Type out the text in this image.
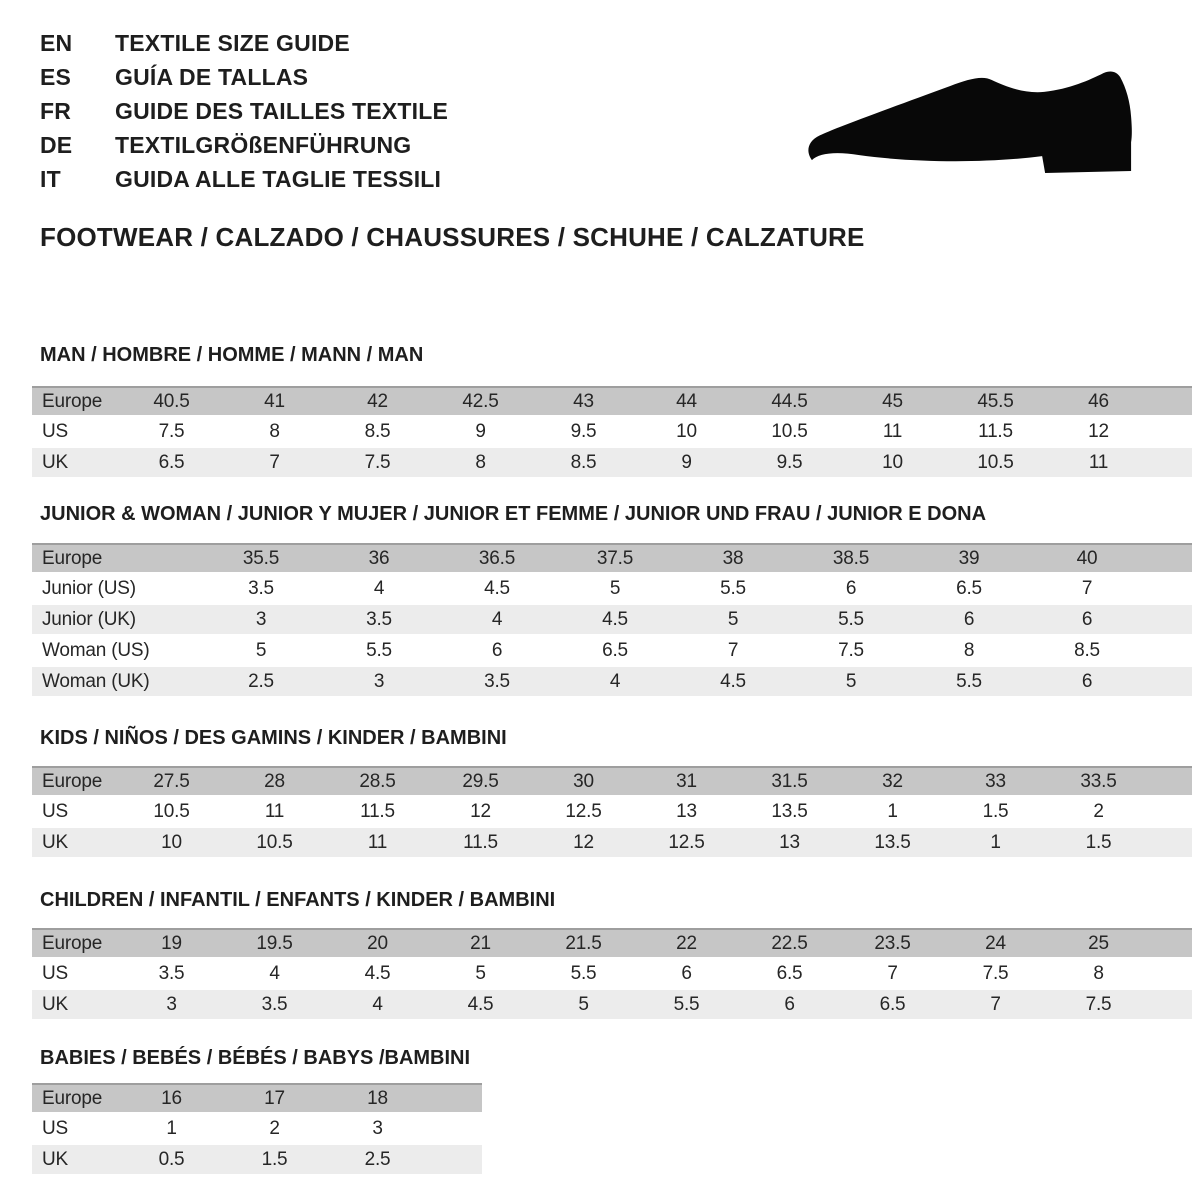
EN	TEXTILE SIZE GUIDE
ES	GUÍA DE TALLAS
FR	GUIDE DES TAILLES TEXTILE
DE	TEXTILGRÖßENFÜHRUNG
IT	GUIDA ALLE TAGLIE TESSILI
FOOTWEAR / CALZADO / CHAUSSURES / SCHUHE / CALZATURE
MAN / HOMBRE / HOMME / MANN / MAN
Europe	40.5	41	42	42.5	43	44	44.5	45	45.5	46	
US	7.5	8	8.5	9	9.5	10	10.5	11	11.5	12	
UK	6.5	7	7.5	8	8.5	9	9.5	10	10.5	11	
JUNIOR & WOMAN / JUNIOR Y MUJER / JUNIOR ET FEMME / JUNIOR UND FRAU / JUNIOR E DONA
Europe	35.5	36	36.5	37.5	38	38.5	39	40	
Junior (US)	3.5	4	4.5	5	5.5	6	6.5	7	
Junior (UK)	3	3.5	4	4.5	5	5.5	6	6	
Woman (US)	5	5.5	6	6.5	7	7.5	8	8.5	
Woman (UK)	2.5	3	3.5	4	4.5	5	5.5	6	
KIDS / NIÑOS / DES GAMINS / KINDER / BAMBINI
Europe	27.5	28	28.5	29.5	30	31	31.5	32	33	33.5	
US	10.5	11	11.5	12	12.5	13	13.5	1	1.5	2	
UK	10	10.5	11	11.5	12	12.5	13	13.5	1	1.5	
CHILDREN / INFANTIL / ENFANTS / KINDER / BAMBINI
Europe	19	19.5	20	21	21.5	22	22.5	23.5	24	25	
US	3.5	4	4.5	5	5.5	6	6.5	7	7.5	8	
UK	3	3.5	4	4.5	5	5.5	6	6.5	7	7.5	
BABIES / BEBÉS / BÉBÉS / BABYS /BAMBINI
Europe	16	17	18	
US	1	2	3	
UK	0.5	1.5	2.5	
